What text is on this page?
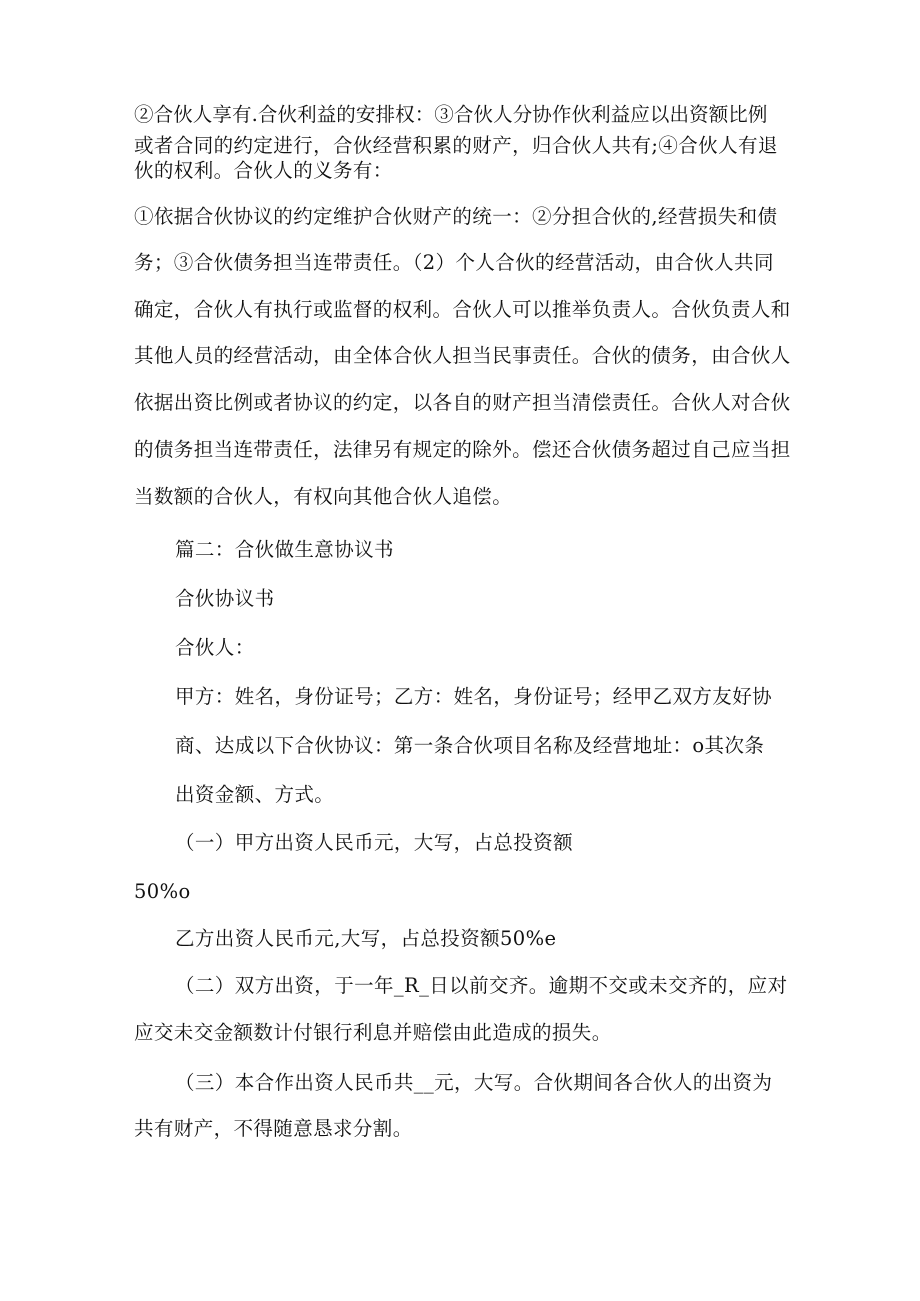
②合伙人享有.合伙利益的安排权：③合伙人分协作伙利益应以出资额比例
或者合同的约定进行，合伙经营积累的财产，归合伙人共有;④合伙人有退
伙的权利。合伙人的义务有：
①依据合伙协议的约定维护合伙财产的统一：②分担合伙的,经营损失和债
务；③合伙债务担当连带责任。（2）个人合伙的经营活动，由合伙人共同
确定，合伙人有执行或监督的权利。合伙人可以推举负责人。合伙负责人和
其他人员的经营活动，由全体合伙人担当民事责任。合伙的债务，由合伙人
依据出资比例或者协议的约定，以各自的财产担当清偿责任。合伙人对合伙
的债务担当连带责任，法律另有规定的除外。偿还合伙债务超过自己应当担
当数额的合伙人，有权向其他合伙人追偿。
篇二：合伙做生意协议书
合伙协议书
合伙人：
甲方：姓名，身份证号；乙方：姓名，身份证号；经甲乙双方友好协
商、达成以下合伙协议：第一条合伙项目名称及经营地址：o其次条
出资金额、方式。
（一）甲方出资人民币元，大写，占总投资额
50%o
乙方出资人民币元,大写，占总投资额50%e
（二）双方出资，于一年_R_日以前交齐。逾期不交或未交齐的，应对
应交未交金额数计付银行利息并赔偿由此造成的损失。
（三）本合作出资人民币共__元，大写。合伙期间各合伙人的出资为
共有财产，不得随意恳求分割。
